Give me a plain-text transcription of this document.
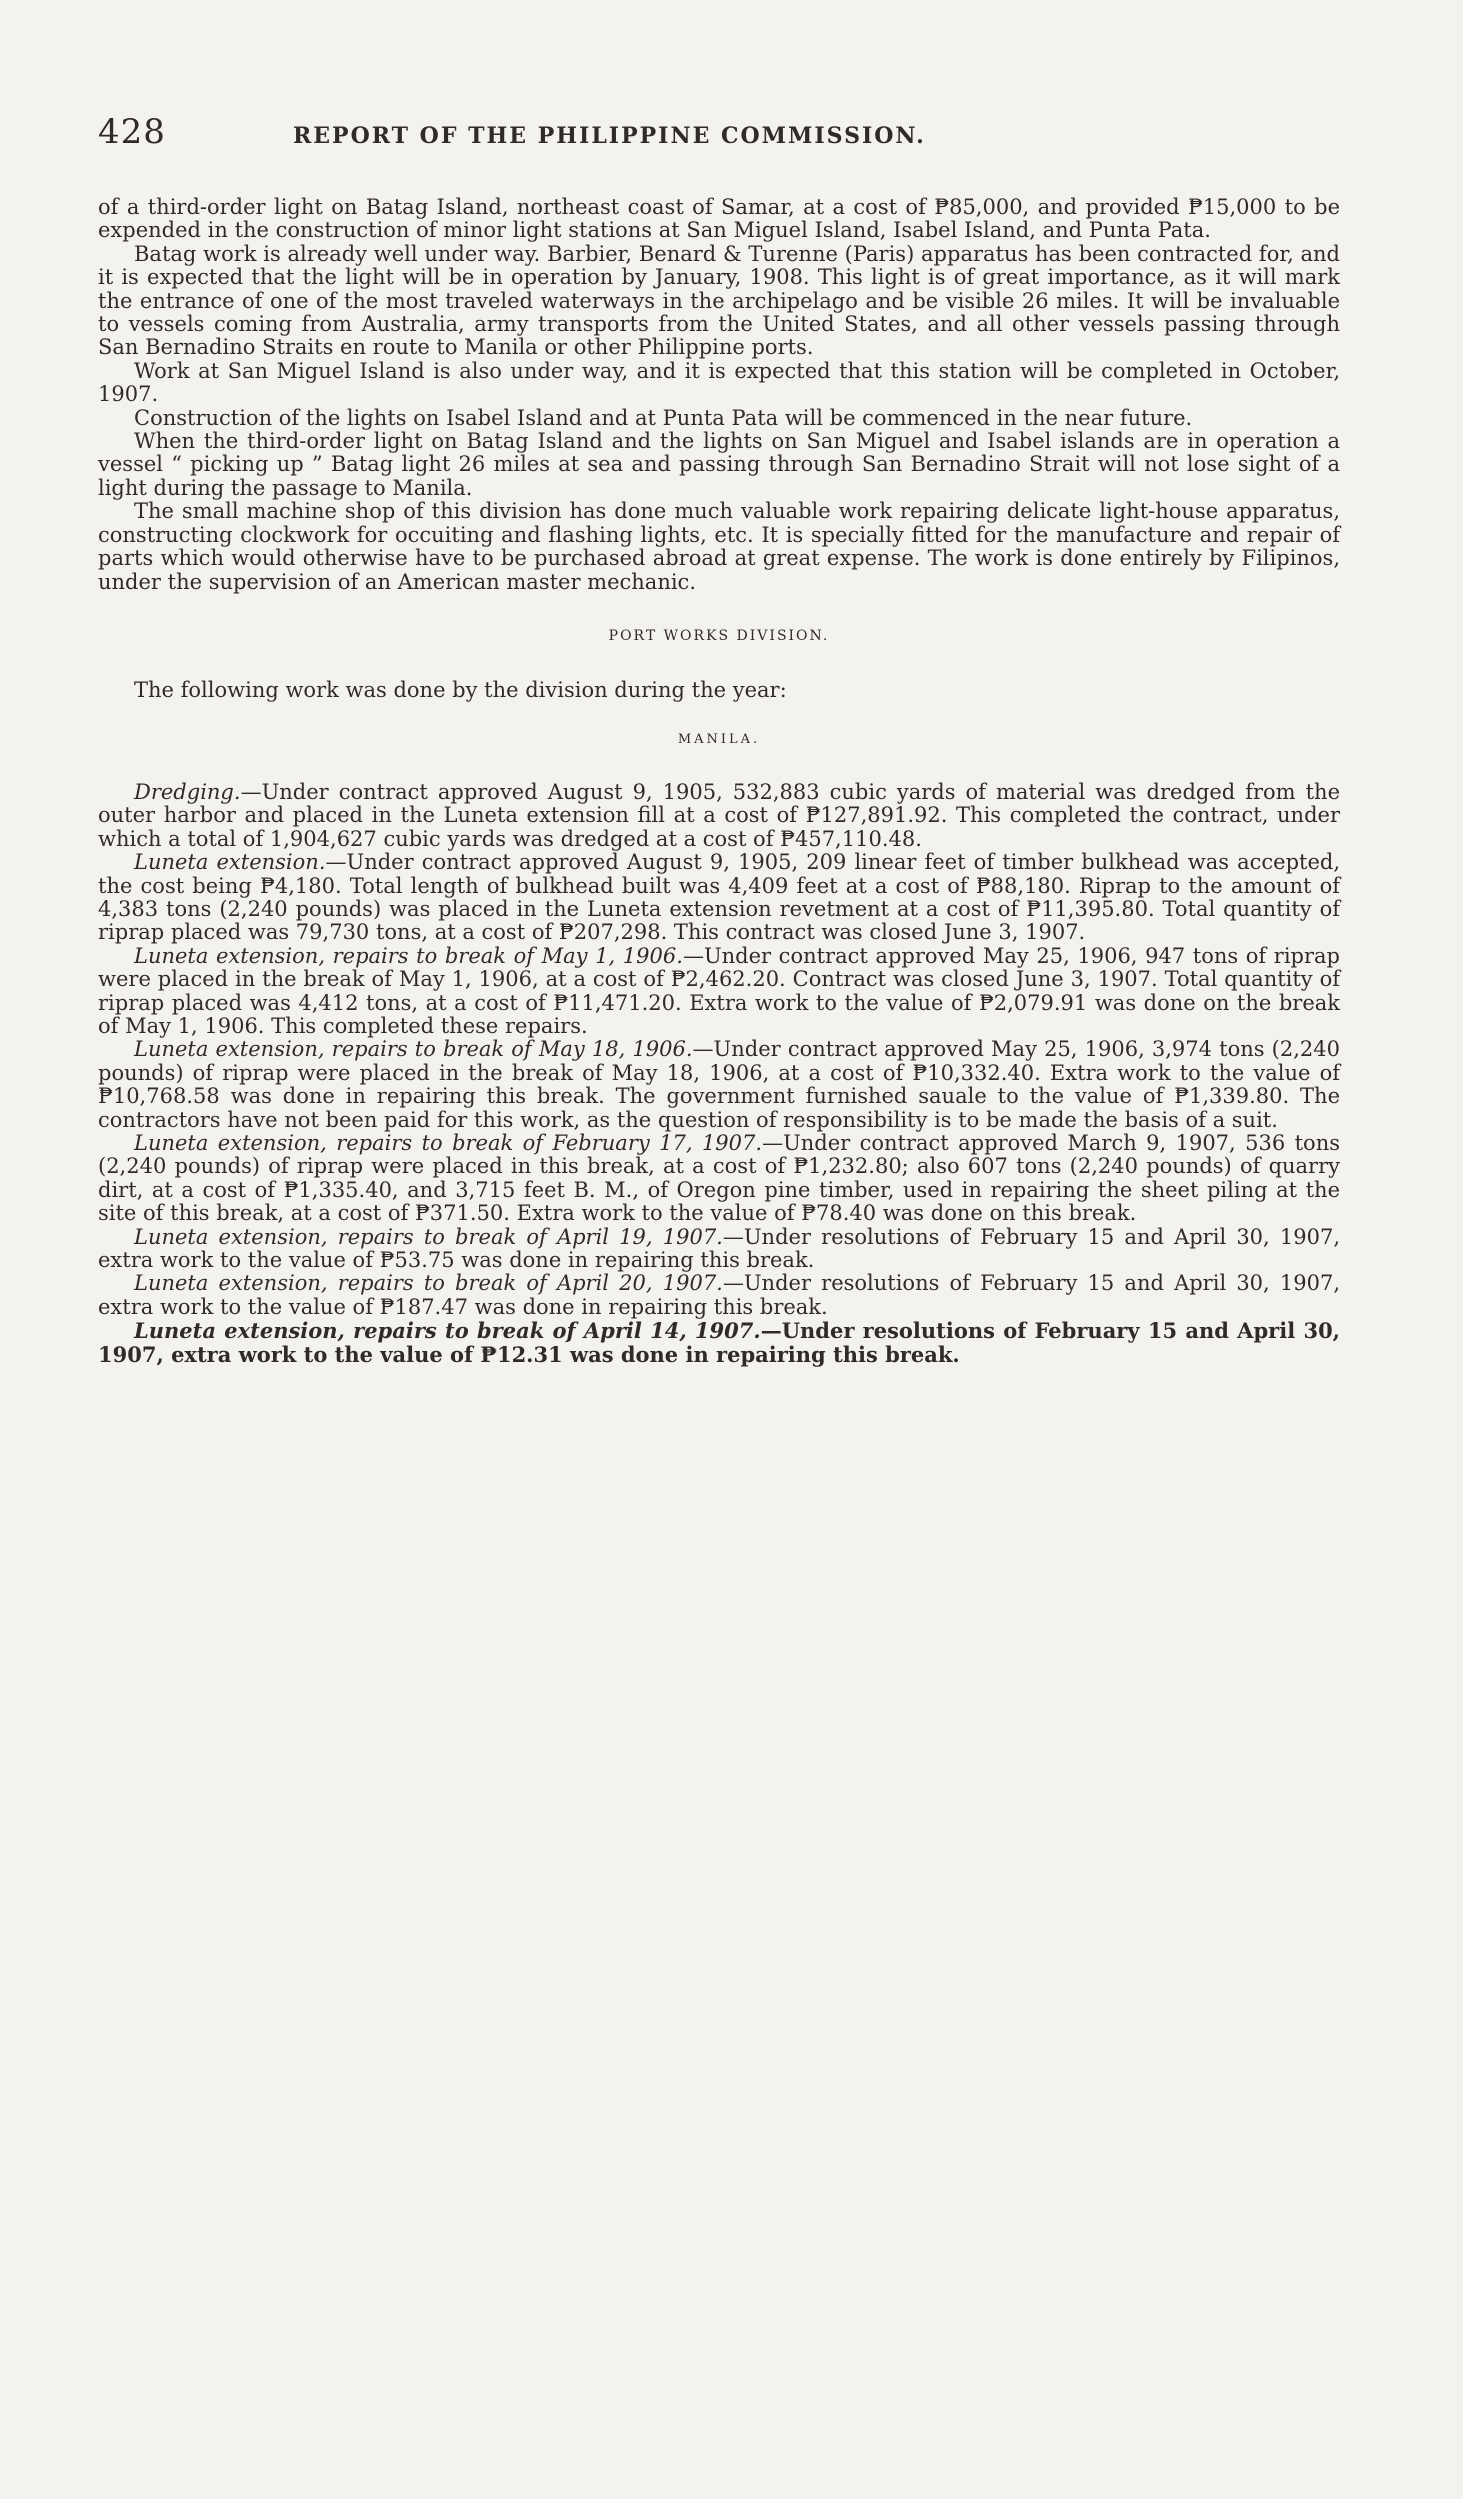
428	REPORT OF THE PHILIPPINE COMMISSION.

of a third-order light on Batag Island, northeast coast of Samar, at a cost of ₱85,000, and provided ₱15,000 to be expended in the construction of minor light stations at San Miguel Island, Isabel Island, and Punta Pata.

Batag work is already well under way. Barbier, Benard & Turenne (Paris) apparatus has been contracted for, and it is expected that the light will be in operation by January, 1908. This light is of great importance, as it will mark the entrance of one of the most traveled waterways in the archipelago and be visible 26 miles. It will be invaluable to vessels coming from Australia, army transports from the United States, and all other vessels passing through San Bernadino Straits en route to Manila or other Philippine ports.

Work at San Miguel Island is also under way, and it is expected that this station will be completed in October, 1907.

Construction of the lights on Isabel Island and at Punta Pata will be commenced in the near future.

When the third-order light on Batag Island and the lights on San Miguel and Isabel islands are in operation a vessel “ picking up ” Batag light 26 miles at sea and passing through San Bernadino Strait will not lose sight of a light during the passage to Manila.

The small machine shop of this division has done much valuable work repairing delicate light-house apparatus, constructing clockwork for occuiting and flashing lights, etc. It is specially fitted for the manufacture and repair of parts which would otherwise have to be purchased abroad at great expense. The work is done entirely by Filipinos, under the supervision of an American master mechanic.

PORT WORKS DIVISION.

The following work was done by the division during the year:

MANILA.

Dredging.—Under contract approved August 9, 1905, 532,883 cubic yards of material was dredged from the outer harbor and placed in the Luneta extension fill at a cost of ₱127,891.92. This completed the contract, under which a total of 1,904,627 cubic yards was dredged at a cost of ₱457,110.48.

Luneta extension.—Under contract approved August 9, 1905, 209 linear feet of timber bulkhead was accepted, the cost being ₱4,180. Total length of bulkhead built was 4,409 feet at a cost of ₱88,180. Riprap to the amount of 4,383 tons (2,240 pounds) was placed in the Luneta extension revetment at a cost of ₱11,395.80. Total quantity of riprap placed was 79,730 tons, at a cost of ₱207,298. This contract was closed June 3, 1907.

Luneta extension, repairs to break of May 1, 1906.—Under contract approved May 25, 1906, 947 tons of riprap were placed in the break of May 1, 1906, at a cost of ₱2,462.20. Contract was closed June 3, 1907. Total quantity of riprap placed was 4,412 tons, at a cost of ₱11,471.20. Extra work to the value of ₱2,079.91 was done on the break of May 1, 1906. This completed these repairs.

Luneta extension, repairs to break of May 18, 1906.—Under contract approved May 25, 1906, 3,974 tons (2,240 pounds) of riprap were placed in the break of May 18, 1906, at a cost of ₱10,332.40. Extra work to the value of ₱10,768.58 was done in repairing this break. The government furnished sauale to the value of ₱1,339.80. The contractors have not been paid for this work, as the question of responsibility is to be made the basis of a suit.

Luneta extension, repairs to break of February 17, 1907.—Under contract approved March 9, 1907, 536 tons (2,240 pounds) of riprap were placed in this break, at a cost of ₱1,232.80; also 607 tons (2,240 pounds) of quarry dirt, at a cost of ₱1,335.40, and 3,715 feet B. M., of Oregon pine timber, used in repairing the sheet piling at the site of this break, at a cost of ₱371.50. Extra work to the value of ₱78.40 was done on this break.

Luneta extension, repairs to break of April 19, 1907.—Under resolutions of February 15 and April 30, 1907, extra work to the value of ₱53.75 was done in repairing this break.

Luneta extension, repairs to break of April 20, 1907.—Under resolutions of February 15 and April 30, 1907, extra work to the value of ₱187.47 was done in repairing this break.

Luneta extension, repairs to break of April 14, 1907.—Under resolutions of February 15 and April 30, 1907, extra work to the value of ₱12.31 was done in repairing this break.
